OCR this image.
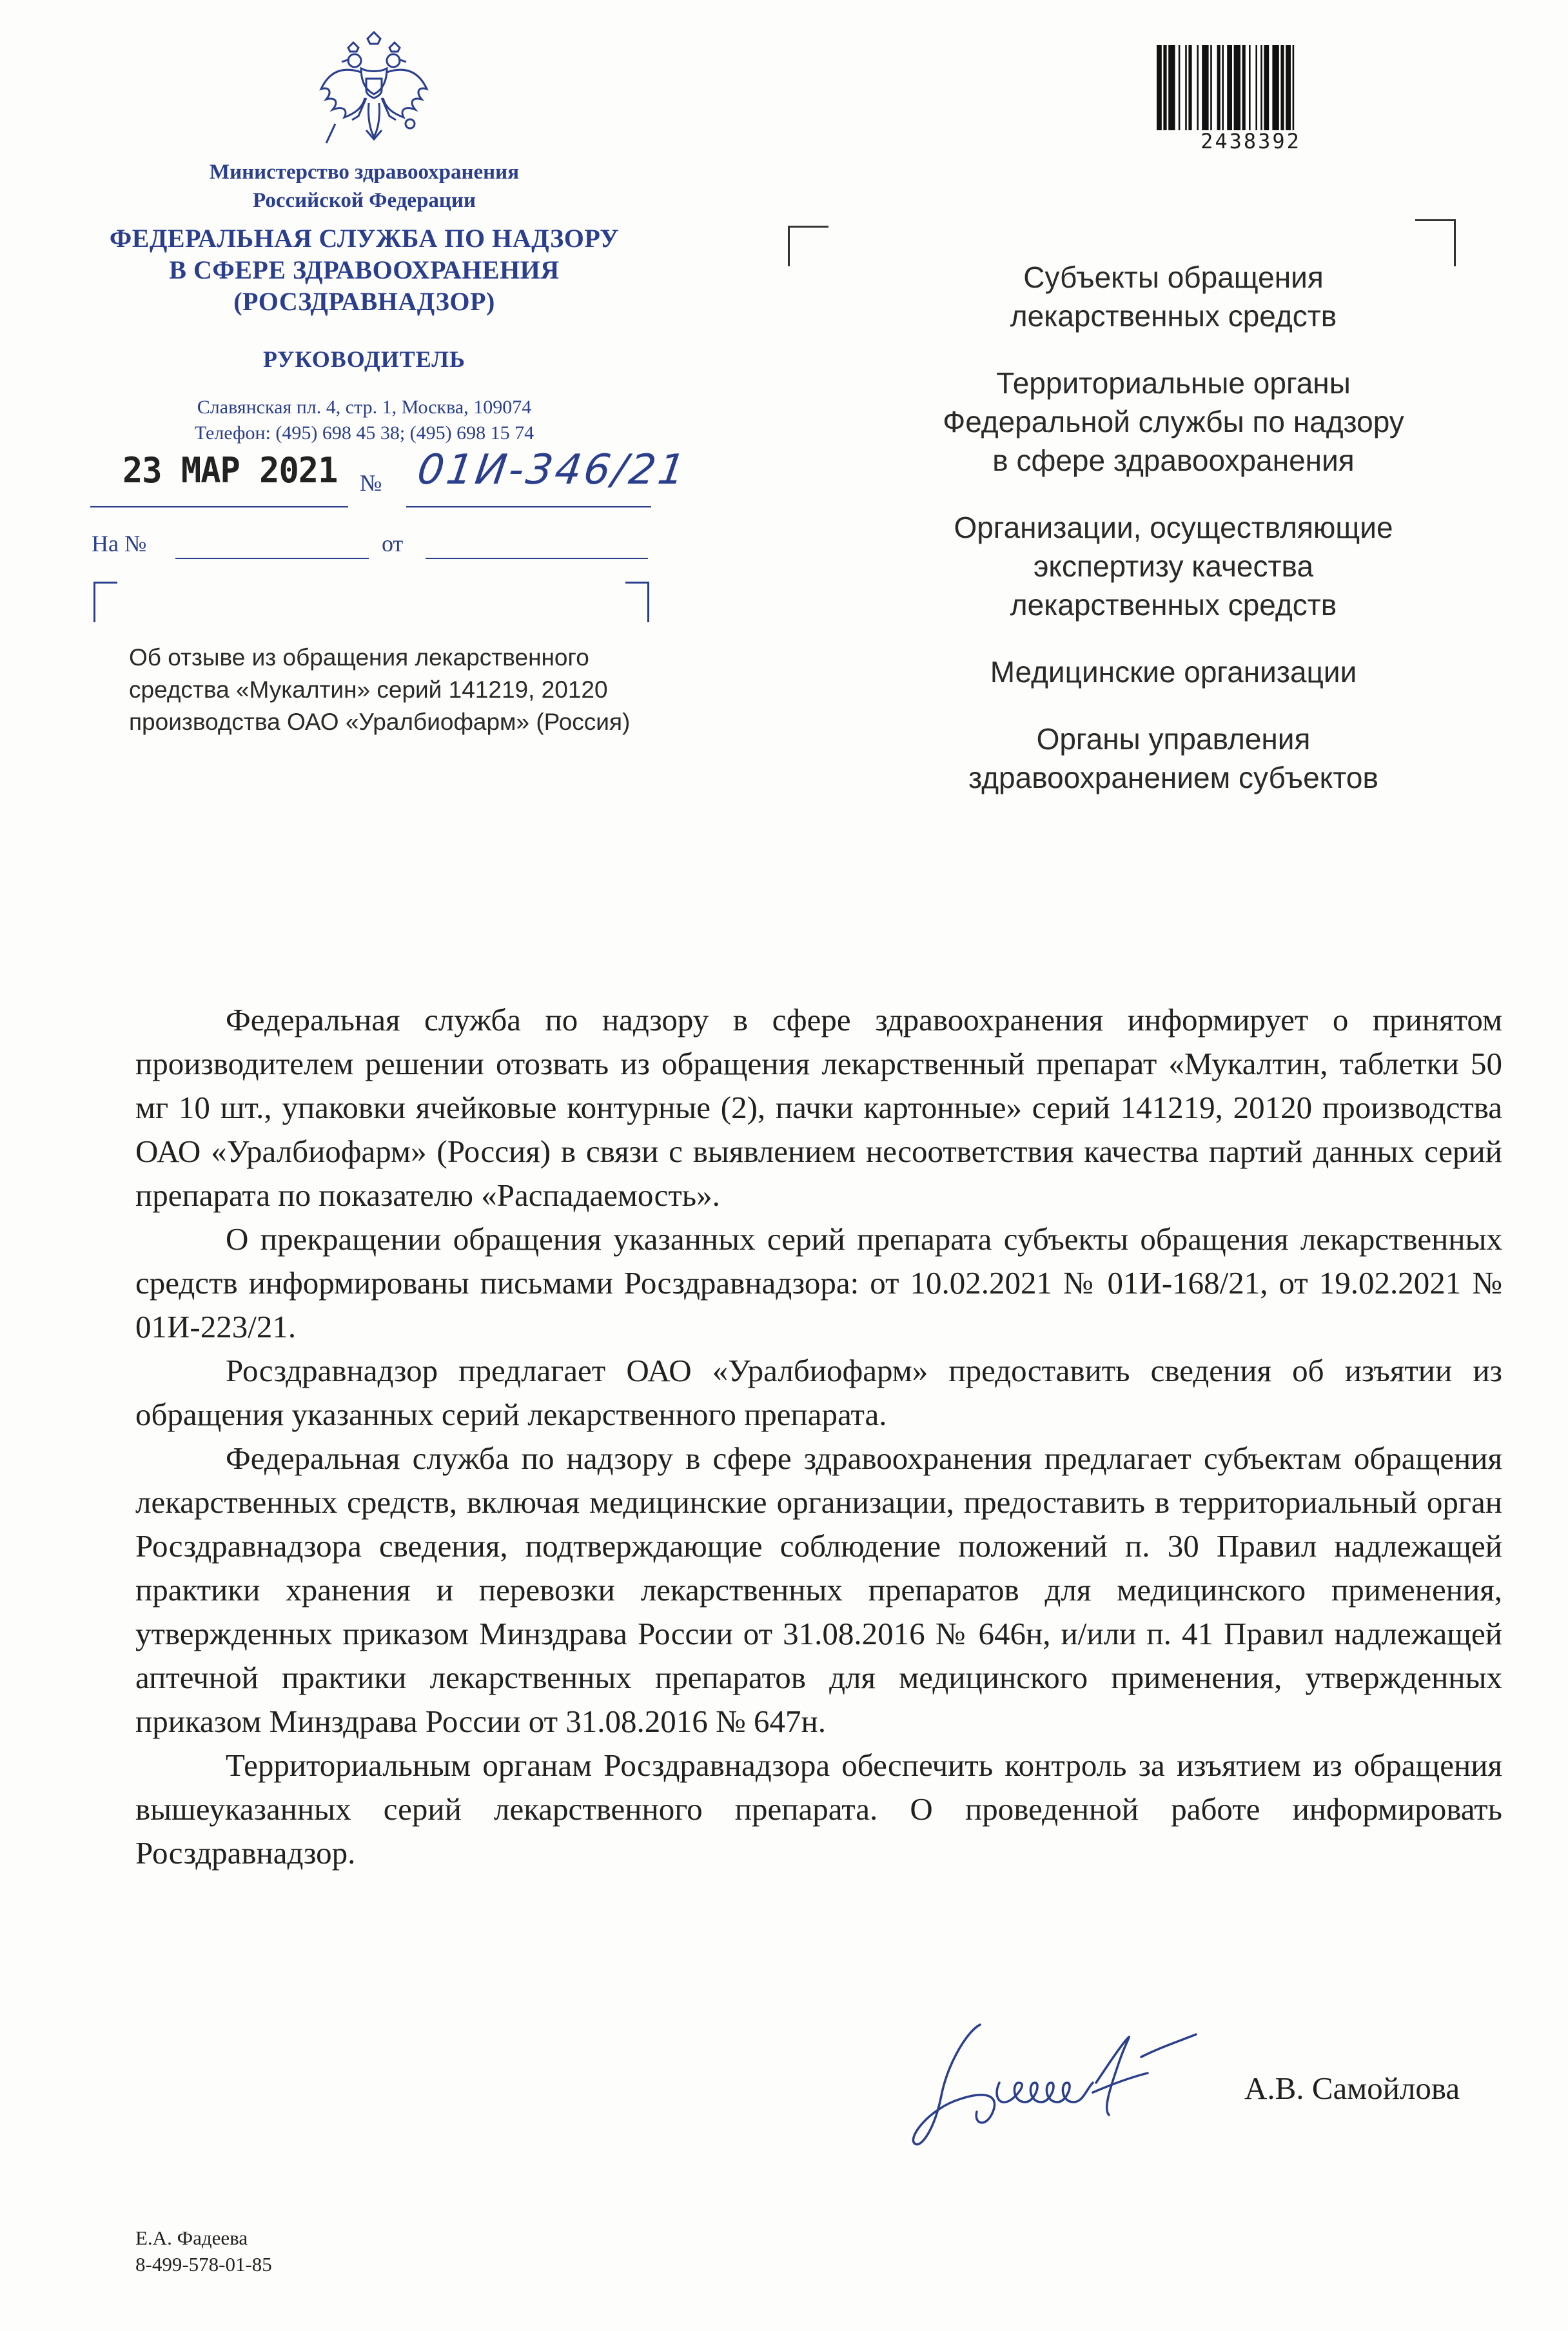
Министерство здравоохранения
Российской Федерации
ФЕДЕРАЛЬНАЯ СЛУЖБА ПО НАДЗОРУ
В СФЕРЕ ЗДРАВООХРАНЕНИЯ
(РОСЗДРАВНАДЗОР)
РУКОВОДИТЕЛЬ
Славянская пл. 4, стр. 1, Москва, 109074
Телефон: (495) 698 45 38; (495) 698 15 74
23 MAP 2021 № 01И-346/21
На №	от
Об отзыве из обращения лекарственного
средства «Мукалтин» серий 141219, 20120
производства ОАО «Уралбиофарм» (Россия)
2438392
Субъекты обращения
лекарственных средств
Территориальные органы
Федеральной службы по надзору
в сфере здравоохранения
Организации, осуществляющие
экспертизу качества
лекарственных средств
Медицинские организации
Органы управления
здравоохранением субъектов

Федеральная служба по надзору в сфере здравоохранения информирует о принятом производителем решении отозвать из обращения лекарственный препарат «Мукалтин, таблетки 50 мг 10 шт., упаковки ячейковые контурные (2), пачки картонные» серий 141219, 20120 производства ОАО «Уралбиофарм» (Россия) в связи с выявлением несоответствия качества партий данных серий препарата по показателю «Распадаемость».

О прекращении обращения указанных серий препарата субъекты обращения лекарственных средств информированы письмами Росздравнадзора: от 10.02.2021 № 01И-168/21, от 19.02.2021 № 01И-223/21.

Росздравнадзор предлагает ОАО «Уралбиофарм» предоставить сведения об изъятии из обращения указанных серий лекарственного препарата.

Федеральная служба по надзору в сфере здравоохранения предлагает субъектам обращения лекарственных средств, включая медицинские организации, предоставить в территориальный орган Росздравнадзора сведения, подтверждающие соблюдение положений п. 30 Правил надлежащей практики хранения и перевозки лекарственных препаратов для медицинского применения, утвержденных приказом Минздрава России от 31.08.2016 № 646н, и/или п. 41 Правил надлежащей аптечной практики лекарственных препаратов для медицинского применения, утвержденных приказом Минздрава России от 31.08.2016 № 647н.

Территориальным органам Росздравнадзора обеспечить контроль за изъятием из обращения вышеуказанных серий лекарственного препарата. О проведенной работе информировать Росздравнадзор.

А.В. Самойлова
Е.А. Фадеева
8-499-578-01-85
